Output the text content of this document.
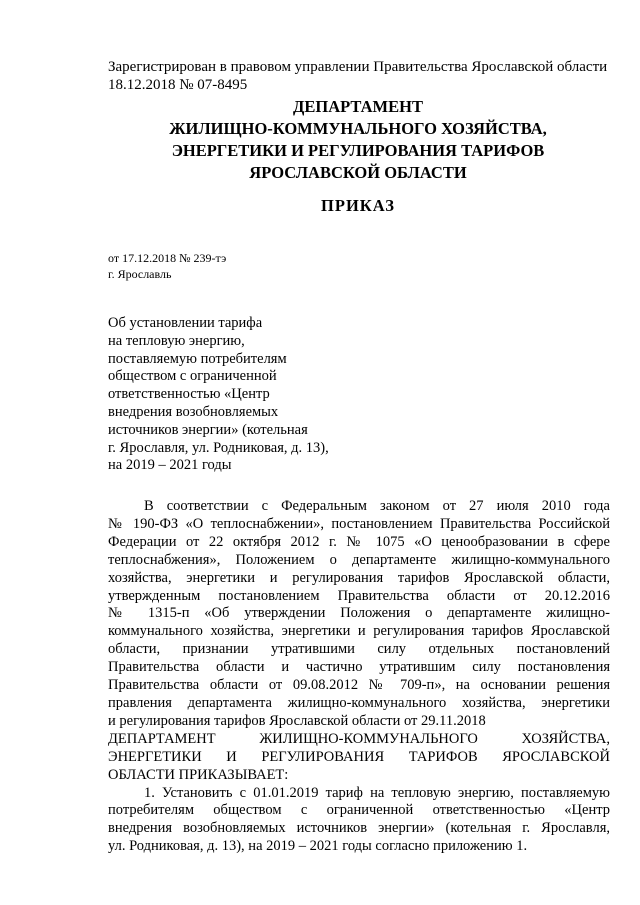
Зарегистрирован в правовом управлении Правительства Ярославской области
18.12.2018 № 07-8495
ДЕПАРТАМЕНТ
ЖИЛИЩНО-КОММУНАЛЬНОГО ХОЗЯЙСТВА,
ЭНЕРГЕТИКИ И РЕГУЛИРОВАНИЯ ТАРИФОВ
ЯРОСЛАВСКОЙ ОБЛАСТИ
ПРИКАЗ
от 17.12.2018 № 239-тэ
г. Ярославль
Об установлении тарифа
на тепловую энергию,
поставляемую потребителям
обществом с ограниченной
ответственностью «Центр
внедрения возобновляемых
источников энергии» (котельная
г. Ярославля, ул. Родниковая, д. 13),
на 2019 – 2021 годы

В соответствии с Федеральным законом от 27 июля 2010 года

№ 190-ФЗ «О теплоснабжении», постановлением Правительства Российской

Федерации от 22 октября 2012 г. № 1075 «О ценообразовании в сфере

теплоснабжения», Положением о департаменте жилищно-коммунального

хозяйства, энергетики и регулирования тарифов Ярославской области,

утвержденным постановлением Правительства области от 20.12.2016

№ 1315-п «Об утверждении Положения о департаменте жилищно-

коммунального хозяйства, энергетики и регулирования тарифов Ярославской

области, признании утратившими силу отдельных постановлений

Правительства области и частично утратившим силу постановления

Правительства области от 09.08.2012 № 709-п», на основании решения

правления департамента жилищно-коммунального хозяйства, энергетики

и регулирования тарифов Ярославской области от 29.11.2018

ДЕПАРТАМЕНТ ЖИЛИЩНО-КОММУНАЛЬНОГО ХОЗЯЙСТВА,

ЭНЕРГЕТИКИ И РЕГУЛИРОВАНИЯ ТАРИФОВ ЯРОСЛАВСКОЙ

ОБЛАСТИ ПРИКАЗЫВАЕТ:

1. Установить с 01.01.2019 тариф на тепловую энергию, поставляемую

потребителям обществом с ограниченной ответственностью «Центр

внедрения возобновляемых источников энергии» (котельная г. Ярославля,

ул. Родниковая, д. 13), на 2019 – 2021 годы согласно приложению 1.
